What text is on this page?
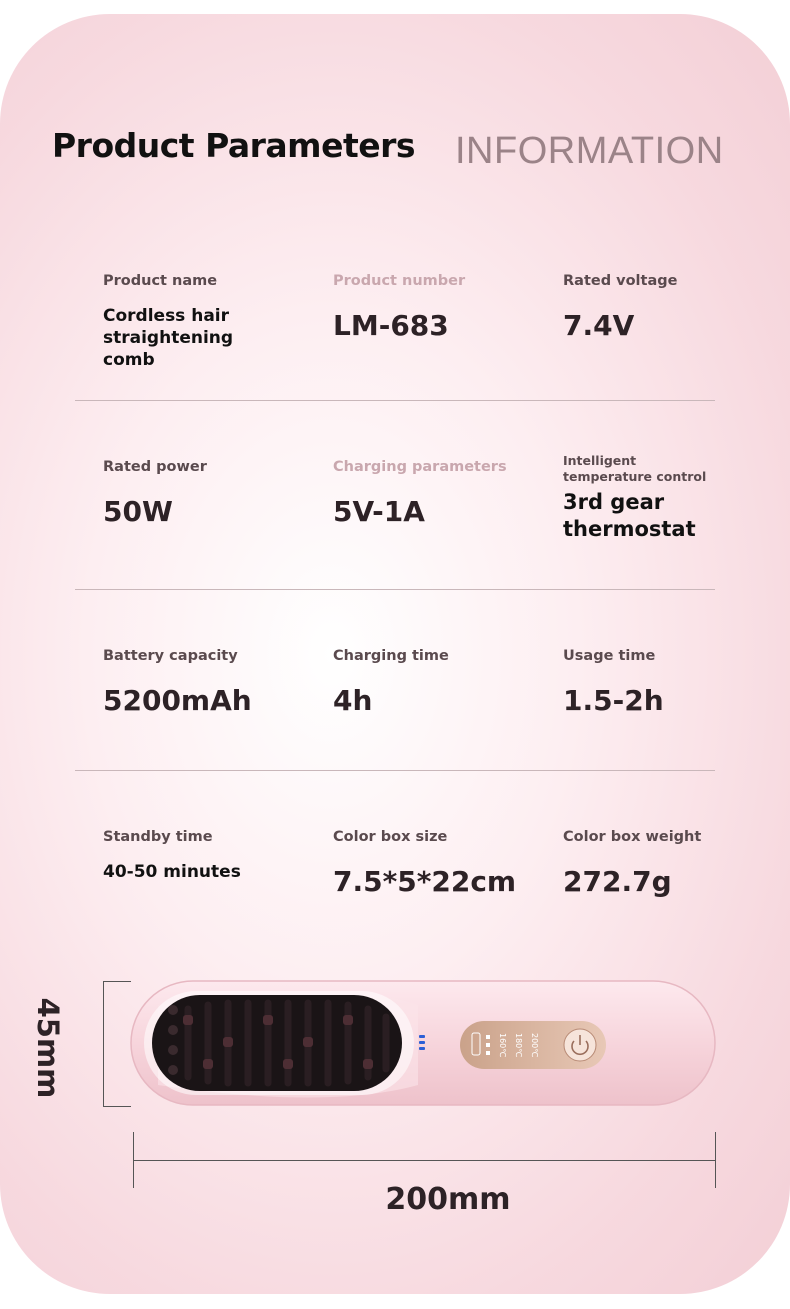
Product Parameters INFORMATION
Product name
Cordless hair straightening comb
Product number
LM-683
Rated voltage
7.4V
Rated power
50W
Charging parameters
5V-1A
Intelligent temperature control
3rd gear thermostat
Battery capacity
5200mAh
Charging time
4h
Usage time
1.5-2h
Standby time
40-50 minutes
Color box size
7.5*5*22cm
Color box weight
272.7g
45mm
200mm
160℃ 180℃ 200℃
